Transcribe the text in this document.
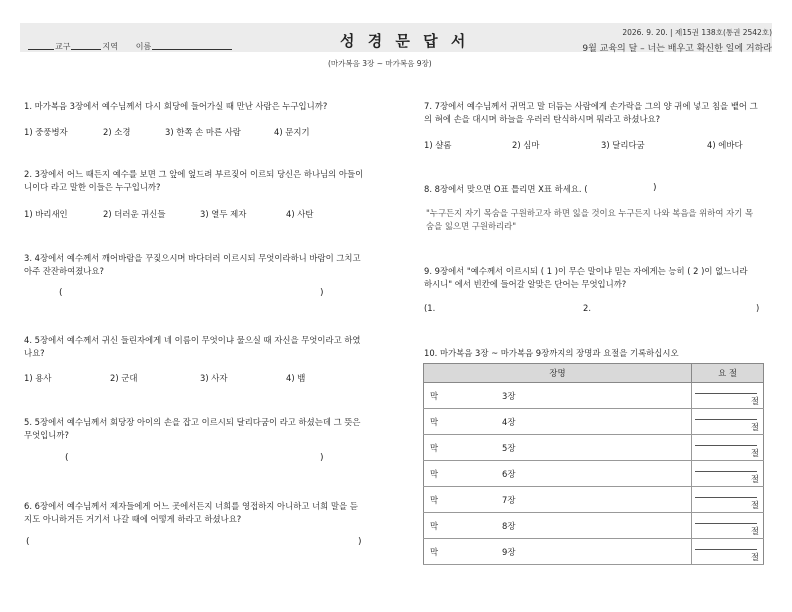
교구	지역 이름	성 경 문 답 서	2026. 9. 20. | 제15권 138호(통권 2542호)
9월 교육의 달 – 너는 배우고 확신한 일에 거하라
(마가복음 3장 ~ 마가복음 9장)
1. 마가복음 3장에서 예수님께서 다시 회당에 들어가실 때 만난 사람은 누구입니까?
1) 중풍병자	2) 소경	3) 한쪽 손 마른 사람	4) 문지기
2. 3장에서 어느 때든지 예수를 보면 그 앞에 엎드려 부르짖어 이르되 당신은 하나님의 아들이
니이다 라고 말한 이들은 누구입니까?
1) 바리새인	2) 더러운 귀신들	3) 열두 제자	4) 사탄
3. 4장에서 예수께서 깨어바람을 꾸짖으시며 바다더러 이르시되 무엇이라하니 바람이 그치고
아주 잔잔하여졌나요?
(	)
4. 5장에서 예수께서 귀신 들린자에게 네 이름이 무엇이냐 물으실 때 자신을 무엇이라고 하였
나요?
1) 용사	2) 군대	3) 사자	4) 뱀
5. 5장에서 예수님께서 회당장 아이의 손을 잡고 이르시되 달리다굼이 라고 하셨는데 그 뜻은
무엇입니까?
(	)
6. 6장에서 예수님께서 제자들에게 어느 곳에서든지 너희를 영접하지 아니하고 너희 말을 듣
지도 아니하거든 거기서 나갈 때에 어떻게 하라고 하셨나요?
(	)
7. 7장에서 예수님께서 귀먹고 말 더듬는 사람에게 손가락을 그의 양 귀에 넣고 침을 뱉어 그
의 혀에 손을 대시며 하늘을 우러러 탄식하시며 뭐라고 하셨나요?
1) 샬롬	2) 심마	3) 달리다굼	4) 에바다
8. 8장에서 맞으면 O표 틀리면 X표 하세요. (	)
"누구든지 자기 목숨을 구원하고자 하면 잃을 것이요 누구든지 나와 복음을 위하여 자기 목
숨을 잃으면 구원하리라"
9. 9장에서 "예수께서 이르시되 ( 1 )이 무슨 말이냐 믿는 자에게는 능히 ( 2 )이 없느니라
하시니" 에서 빈칸에 들어갈 알맞은 단어는 무엇입니까?
(1.	2.	)
10. 마가복음 3장 ~ 마가복음 9장까지의 장명과 요절을 기록하십시오
장명		요 절
막	3장	절
막	4장	절
막	5장	절
막	6장	절
막	7장	절
막	8장	절
막	9장	절
